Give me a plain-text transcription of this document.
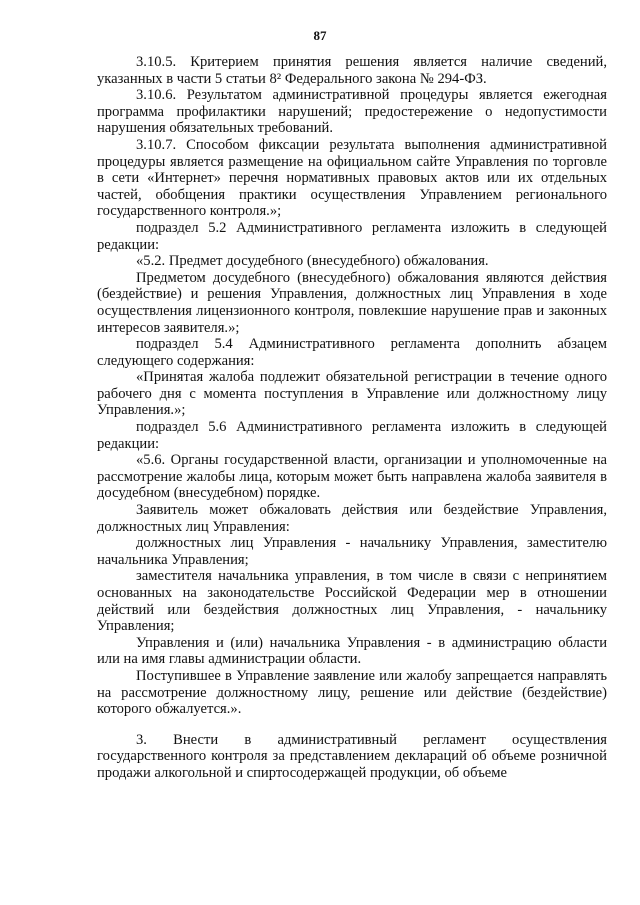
87

3.10.5. Критерием принятия решения является наличие сведений, указанных в части 5 статьи 8² Федерального закона № 294-ФЗ.

3.10.6. Результатом административной процедуры является ежегодная программа профилактики нарушений; предостережение о недопустимости нарушения обязательных требований.

3.10.7. Способом фиксации результата выполнения административной процедуры является размещение на официальном сайте Управления по торговле в сети «Интернет» перечня нормативных правовых актов или их отдельных частей, обобщения практики осуществления Управлением регионального государственного контроля.»;

подраздел 5.2 Административного регламента изложить в следующей редакции:

«5.2. Предмет досудебного (внесудебного) обжалования.

Предметом досудебного (внесудебного) обжалования являются действия (бездействие) и решения Управления, должностных лиц Управления в ходе осуществления лицензионного контроля, повлекшие нарушение прав и законных интересов заявителя.»;

подраздел 5.4 Административного регламента дополнить абзацем следующего содержания:

«Принятая жалоба подлежит обязательной регистрации в течение одного рабочего дня с момента поступления в Управление или должностному лицу Управления.»;

подраздел 5.6 Административного регламента изложить в следующей редакции:

«5.6. Органы государственной власти, организации и уполномоченные на рассмотрение жалобы лица, которым может быть направлена жалоба заявителя в досудебном (внесудебном) порядке.

Заявитель может обжаловать действия или бездействие Управления, должностных лиц Управления:

должностных лиц Управления - начальнику Управления, заместителю начальника Управления;

заместителя начальника управления, в том числе в связи с непринятием основанных на законодательстве Российской Федерации мер в отношении действий или бездействия должностных лиц Управления, - начальнику Управления;

Управления и (или) начальника Управления - в администрацию области или на имя главы администрации области.

Поступившее в Управление заявление или жалобу запрещается направлять на рассмотрение должностному лицу, решение или действие (бездействие) которого обжалуется.».

3. Внести в административный регламент осуществления государственного контроля за представлением деклараций об объеме розничной продажи алкогольной и спиртосодержащей продукции, об объеме
